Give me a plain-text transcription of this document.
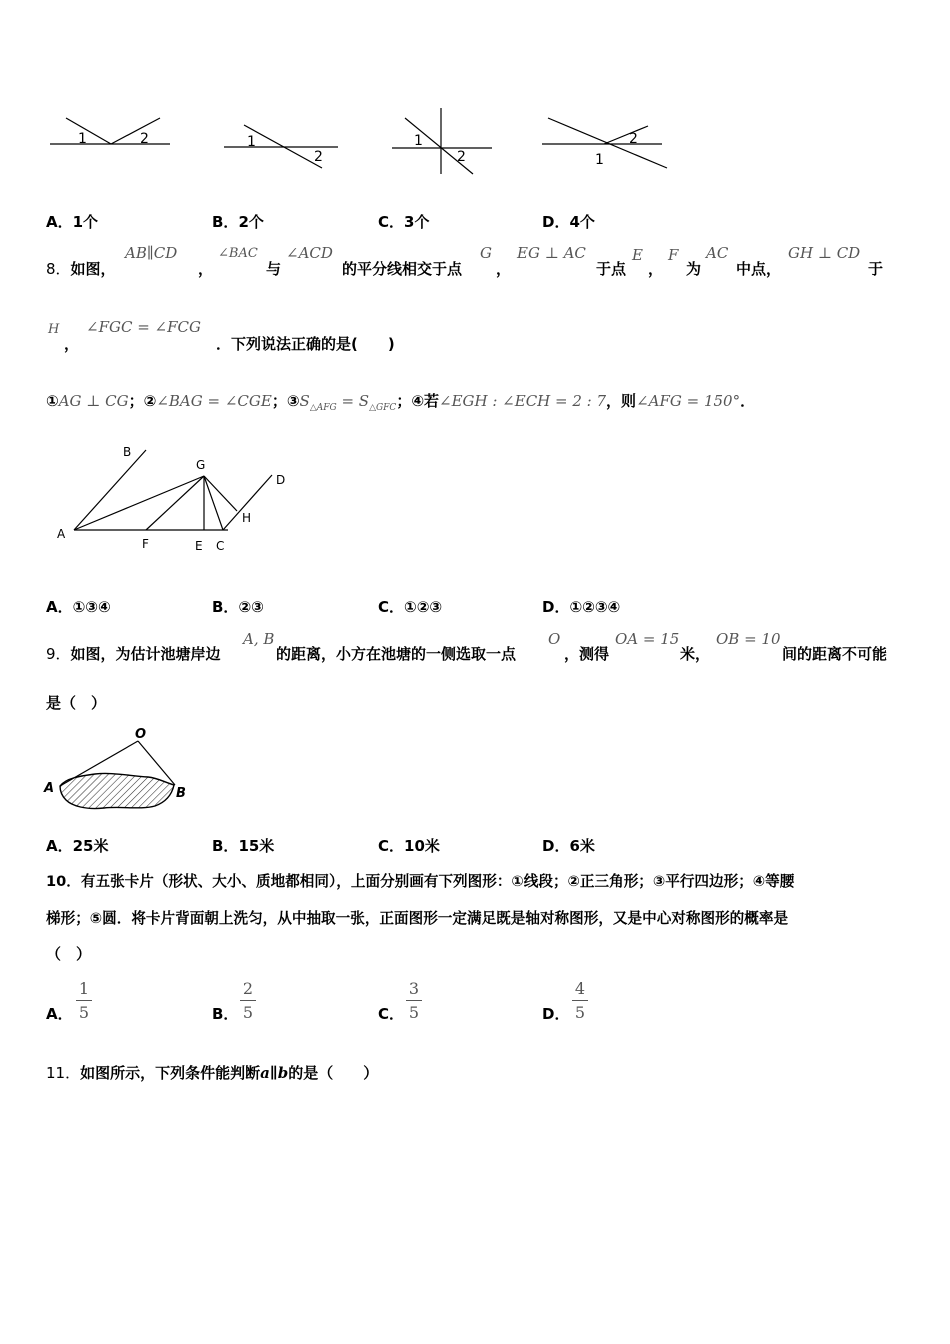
1	2	1
2
1
2
2
1
A．1个	B．2个	C．3个	D．4个
8．如图，
AB∥CD
，
∠BAC
与
∠ACD
的平分线相交于点
G
，
EG ⊥ AC
于点
E
，
F
为
AC
中点，
GH ⊥ CD
于
H
，
∠FGC = ∠FCG
．下列说法正确的是(　　)
①AG ⊥ CG；②∠BAG = ∠CGE；$③S_{\triangle AFG} = S_{\triangle GFC}$；④若∠EGH : ∠ECH = 2 : 7，则∠AFG = 150°．
B
G
D
H
A
F	E C
A．①③④	B．②③	C．①②③	D．①②③④
9．如图，为估计池塘岸边
A, B
的距离，小方在池塘的一侧选取一点
O
，测得
OA = 15
米，
OB = 10
间的距离不可能
是（　）
O
A	B
A．25米	B．15米	C．10米	D．6米
10．有五张卡片（形状、大小、质地都相同），上面分别画有下列图形：①线段；②正三角形；③平行四边形；④等腰
梯形；⑤圆．将卡片背面朝上洗匀，从中抽取一张，正面图形一定满足既是轴对称图形，又是中心对称图形的概率是
（　）
A．
1
5	B．
2
5	C．
3
5	D．
4
5
11．如图所示，下列条件能判断a∥b的是（　　）
